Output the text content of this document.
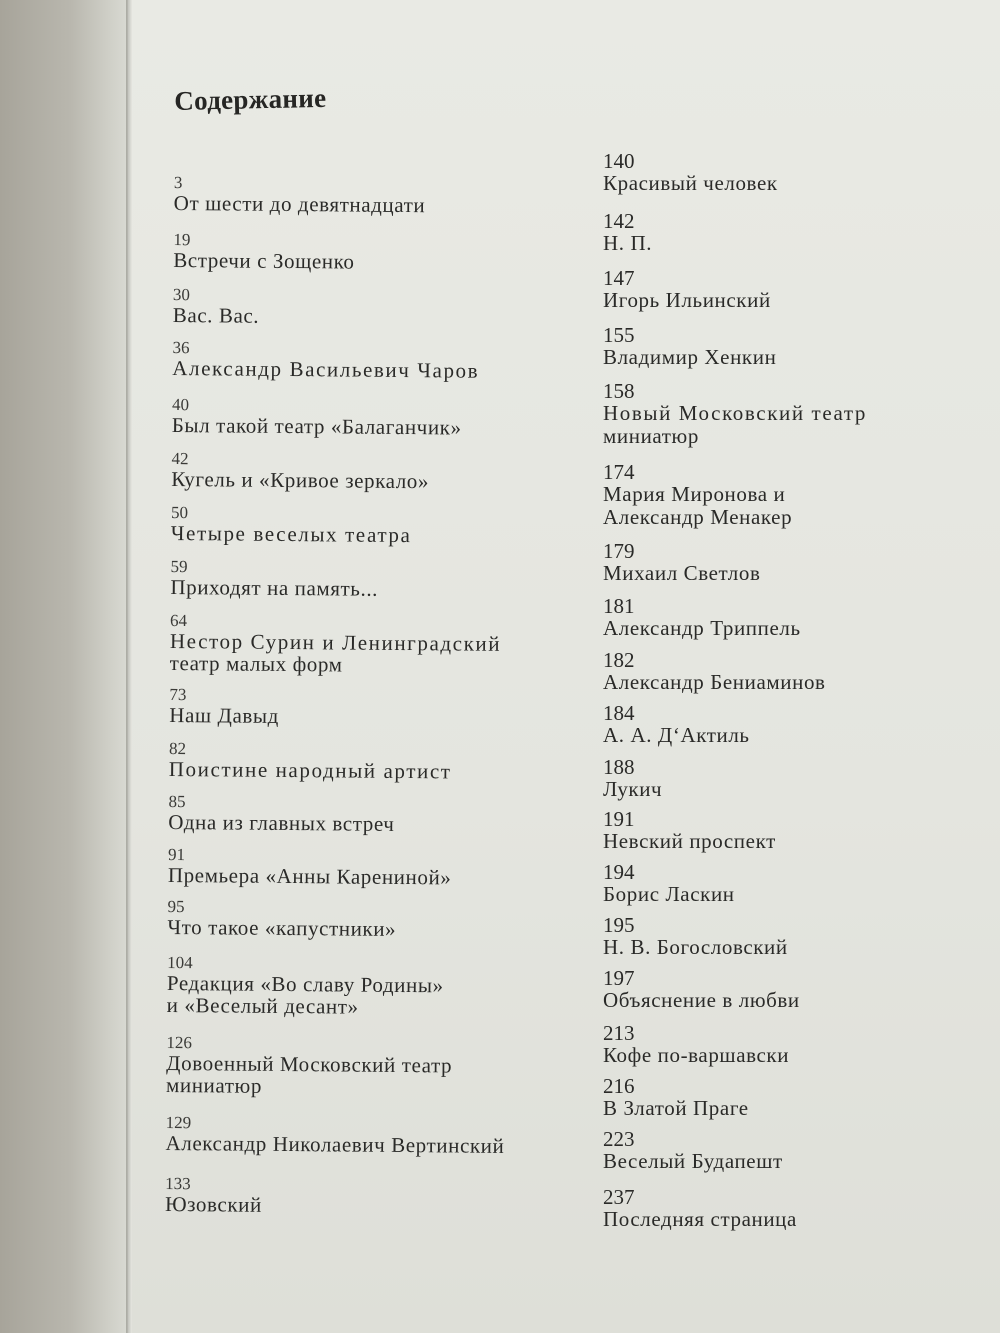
Содержание
3
От шести до девятнадцати
19
Встречи с Зощенко
30
Вас. Вас.
36
Александр Васильевич Чаров
40
Был такой театр «Балаганчик»
42
Кугель и «Кривое зеркало»
50
Четыре веселых театра
59
Приходят на память...
64
Нестор Сурин и Ленинградский
театр малых форм
73
Наш Давыд
82
Поистине народный артист
85
Одна из главных встреч
91
Премьера «Анны Карениной»
95
Что такое «капустники»
104
Редакция «Во славу Родины»
и «Веселый десант»
126
Довоенный Московский театр
миниатюр
129
Александр Николаевич Вертинский
133
Юзовский
140
Красивый человек
142
Н. П.
147
Игорь Ильинский
155
Владимир Хенкин
158
Новый Московский театр
миниатюр
174
Мария Миронова и
Александр Менакер
179
Михаил Светлов
181
Александр Триппель
182
Александр Бениаминов
184
А. А. Д‘Актиль
188
Лукич
191
Невский проспект
194
Борис Ласкин
195
Н. В. Богословский
197
Объяснение в любви
213
Кофе по-варшавски
216
В Златой Праге
223
Веселый Будапешт
237
Последняя страница
